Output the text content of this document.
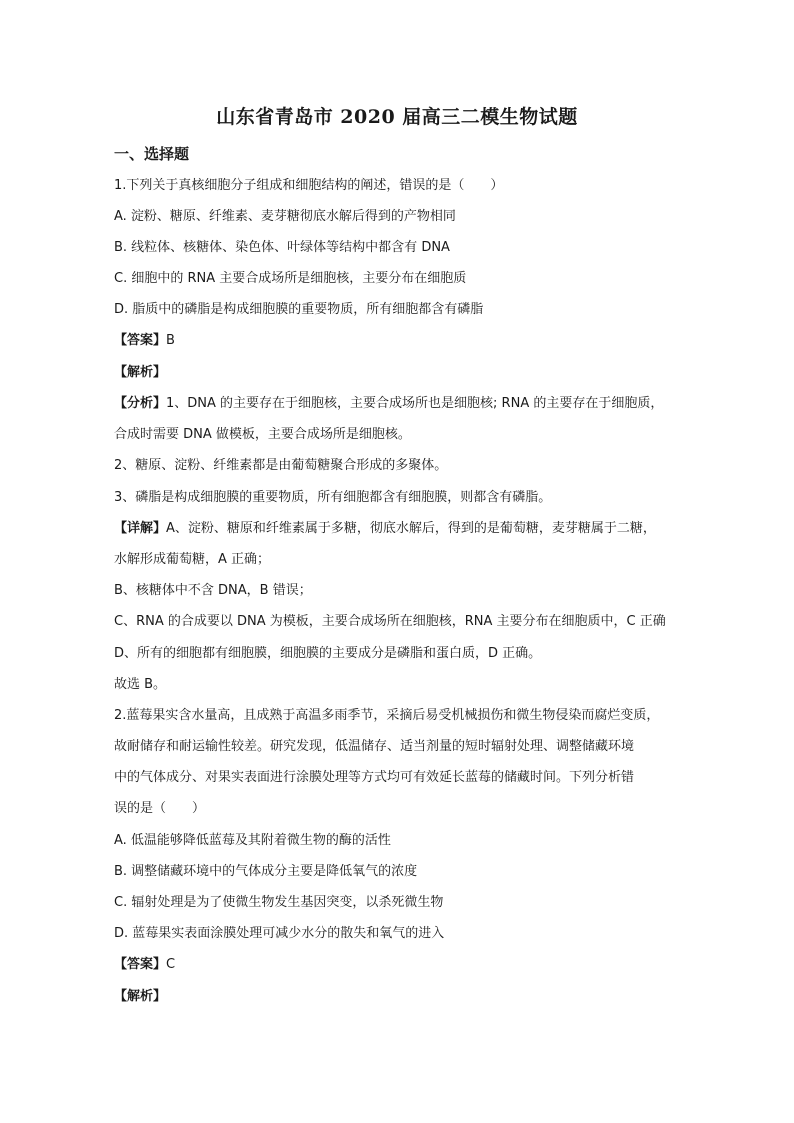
山东省青岛市 2020 届高三二模生物试题
一、选择题
1.下列关于真核细胞分子组成和细胞结构的阐述，错误的是（　　）
A. 淀粉、糖原、纤维素、麦芽糖彻底水解后得到的产物相同
B. 线粒体、核糖体、染色体、叶绿体等结构中都含有 DNA
C. 细胞中的 RNA 主要合成场所是细胞核，主要分布在细胞质
D. 脂质中的磷脂是构成细胞膜的重要物质，所有细胞都含有磷脂
【答案】B
【解析】
【分析】1、DNA 的主要存在于细胞核，主要合成场所也是细胞核; RNA 的主要存在于细胞质，
合成时需要 DNA 做模板，主要合成场所是细胞核。
2、糖原、淀粉、纤维素都是由葡萄糖聚合形成的多聚体。
3、磷脂是构成细胞膜的重要物质，所有细胞都含有细胞膜，则都含有磷脂。
【详解】A、淀粉、糖原和纤维素属于多糖，彻底水解后，得到的是葡萄糖，麦芽糖属于二糖，
水解形成葡萄糖，A 正确；
B、核糖体中不含 DNA，B 错误；
C、RNA 的合成要以 DNA 为模板，主要合成场所在细胞核，RNA 主要分布在细胞质中，C 正确
D、所有的细胞都有细胞膜，细胞膜的主要成分是磷脂和蛋白质，D 正确。
故选 B。
2.蓝莓果实含水量高，且成熟于高温多雨季节，采摘后易受机械损伤和微生物侵染而腐烂变质，
故耐储存和耐运输性较差。研究发现，低温储存、适当剂量的短时辐射处理、调整储藏环境
中的气体成分、对果实表面进行涂膜处理等方式均可有效延长蓝莓的储藏时间。下列分析错
误的是（　　）
A. 低温能够降低蓝莓及其附着微生物的酶的活性
B. 调整储藏环境中的气体成分主要是降低氧气的浓度
C. 辐射处理是为了使微生物发生基因突变，以杀死微生物
D. 蓝莓果实表面涂膜处理可减少水分的散失和氧气的进入
【答案】C
【解析】
